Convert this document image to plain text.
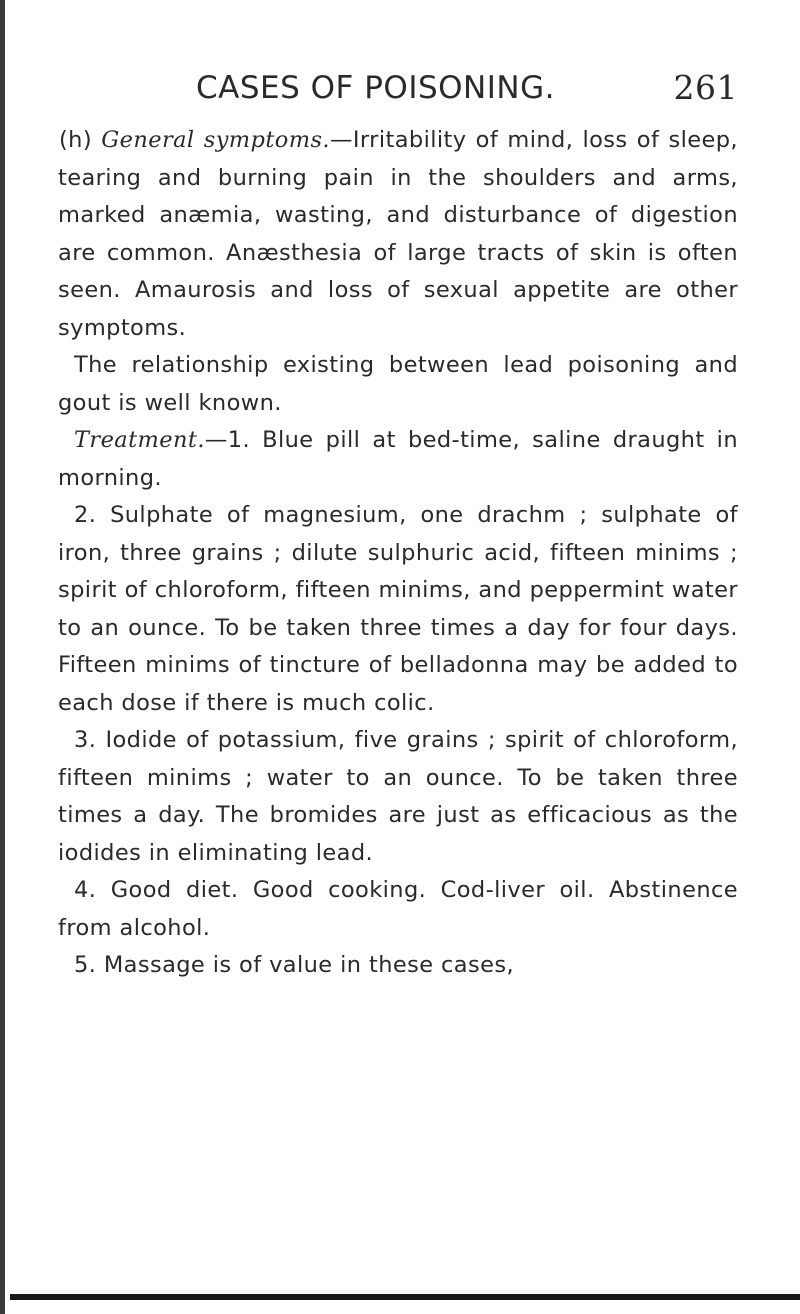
CASES OF POISONING.	261

(h) General symptoms.—Irritability of mind, loss of sleep, tearing and burning pain in the shoulders and arms, marked anæmia, wasting, and disturbance of digestion are common. Anæsthesia of large tracts of skin is often seen. Amaurosis and loss of sexual appetite are other symptoms.

The relationship existing between lead poisoning and gout is well known.

Treatment.—1. Blue pill at bed-time, saline draught in morning.

2. Sulphate of magnesium, one drachm ; sulphate of iron, three grains ; dilute sulphuric acid, fifteen minims ; spirit of chloroform, fifteen minims, and peppermint water to an ounce. To be taken three times a day for four days. Fifteen minims of tincture of belladonna may be added to each dose if there is much colic.

3. Iodide of potassium, five grains ; spirit of chloroform, fifteen minims ; water to an ounce. To be taken three times a day. The bromides are just as efficacious as the iodides in eliminating lead.

4. Good diet. Good cooking. Cod-liver oil. Abstinence from alcohol.

5. Massage is of value in these cases,
